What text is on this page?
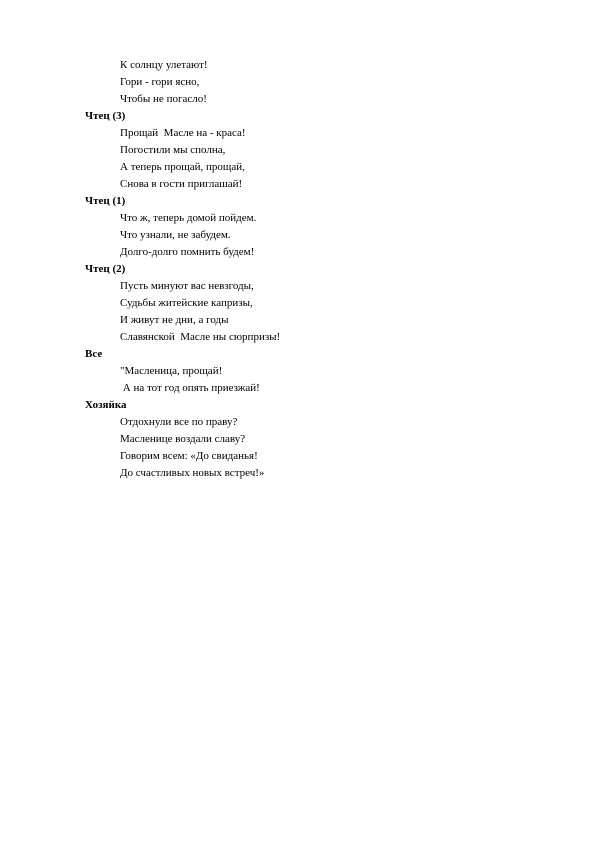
К солнцу улетают!
Гори - гори ясно,
Чтобы не погасло!
Чтец (3)
Прощай  Масле на - краса!
Погостили мы сполна,
А теперь прощай, прощай,
Снова в гости приглашай!
Чтец (1)
Что ж, теперь домой пойдем.
Что узнали, не забудем.
Долго-долго помнить будем!
Чтец (2)
Пусть минуют вас невзгоды,
Судьбы житейские капризы,
И живут не дни, а годы
Славянской  Масле ны сюрпризы!
Все
"Масленица, прощай!
А на тот год опять приезжай!
Хозяйка
Отдохнули все по праву?
Масленице воздали славу?
Говорим всем: «До свиданья!
До счастливых новых встреч!»
